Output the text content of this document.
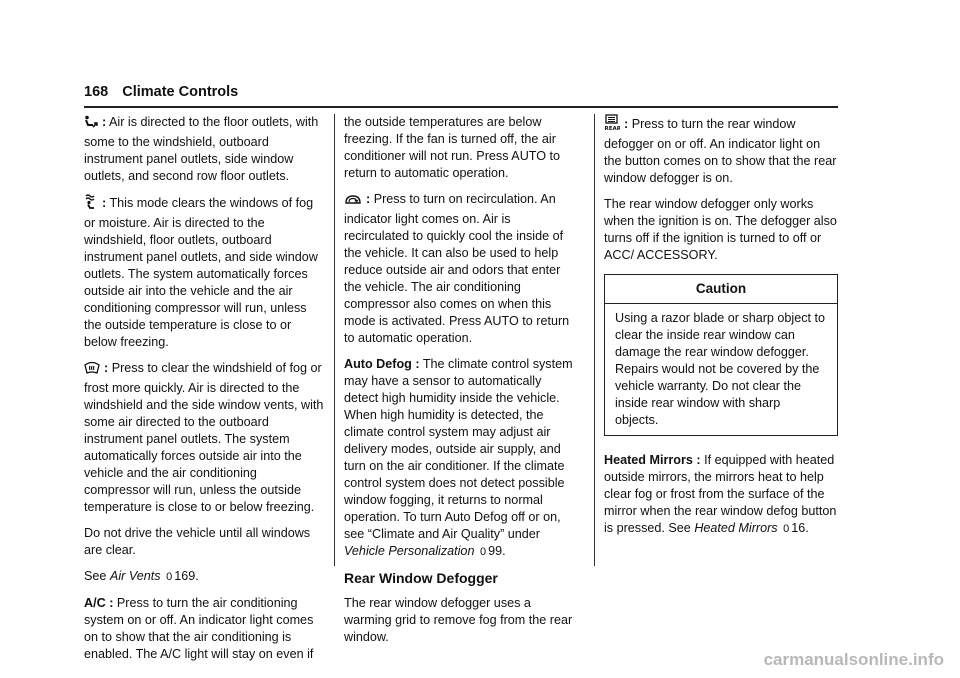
168 Climate Controls

: Air is directed to the floor outlets, with some to the windshield, outboard instrument panel outlets, side window outlets, and second row floor outlets.

: This mode clears the windows of fog or moisture. Air is directed to the windshield, floor outlets, outboard instrument panel outlets, and side window outlets. The system automatically forces outside air into the vehicle and the air conditioning compressor will run, unless the outside temperature is close to or below freezing.

: Press to clear the windshield of fog or frost more quickly. Air is directed to the windshield and the side window vents, with some air directed to the outboard instrument panel outlets. The system automatically forces outside air into the vehicle and the air conditioning compressor will run, unless the outside temperature is close to or below freezing.

Do not drive the vehicle until all windows are clear.

See Air Vents 0 169.

A/C : Press to turn the air conditioning system on or off. An indicator light comes on to show that the air conditioning is enabled. The A/C light will stay on even if

the outside temperatures are below freezing. If the fan is turned off, the air conditioner will not run. Press AUTO to return to automatic operation.

: Press to turn on recirculation. An indicator light comes on. Air is recirculated to quickly cool the inside of the vehicle. It can also be used to help reduce outside air and odors that enter the vehicle. The air conditioning compressor also comes on when this mode is activated. Press AUTO to return to automatic operation.

Auto Defog : The climate control system may have a sensor to automatically detect high humidity inside the vehicle. When high humidity is detected, the climate control system may adjust air delivery modes, outside air supply, and turn on the air conditioner. If the climate control system does not detect possible window fogging, it returns to normal operation. To turn Auto Defog off or on, see “Climate and Air Quality” under Vehicle Personalization 0 99.

Rear Window Defogger

The rear window defogger uses a warming grid to remove fog from the rear window.

REAR : Press to turn the rear window defogger on or off. An indicator light on the button comes on to show that the rear window defogger is on.

The rear window defogger only works when the ignition is on. The defogger also turns off if the ignition is turned to off or ACC/ ACCESSORY.

Caution
Using a razor blade or sharp object to clear the inside rear window can damage the rear window defogger. Repairs would not be covered by the vehicle warranty. Do not clear the inside rear window with sharp objects.

Heated Mirrors : If equipped with heated outside mirrors, the mirrors heat to help clear fog or frost from the surface of the mirror when the rear window defog button is pressed. See Heated Mirrors 0 16.

carmanualsonline.info
